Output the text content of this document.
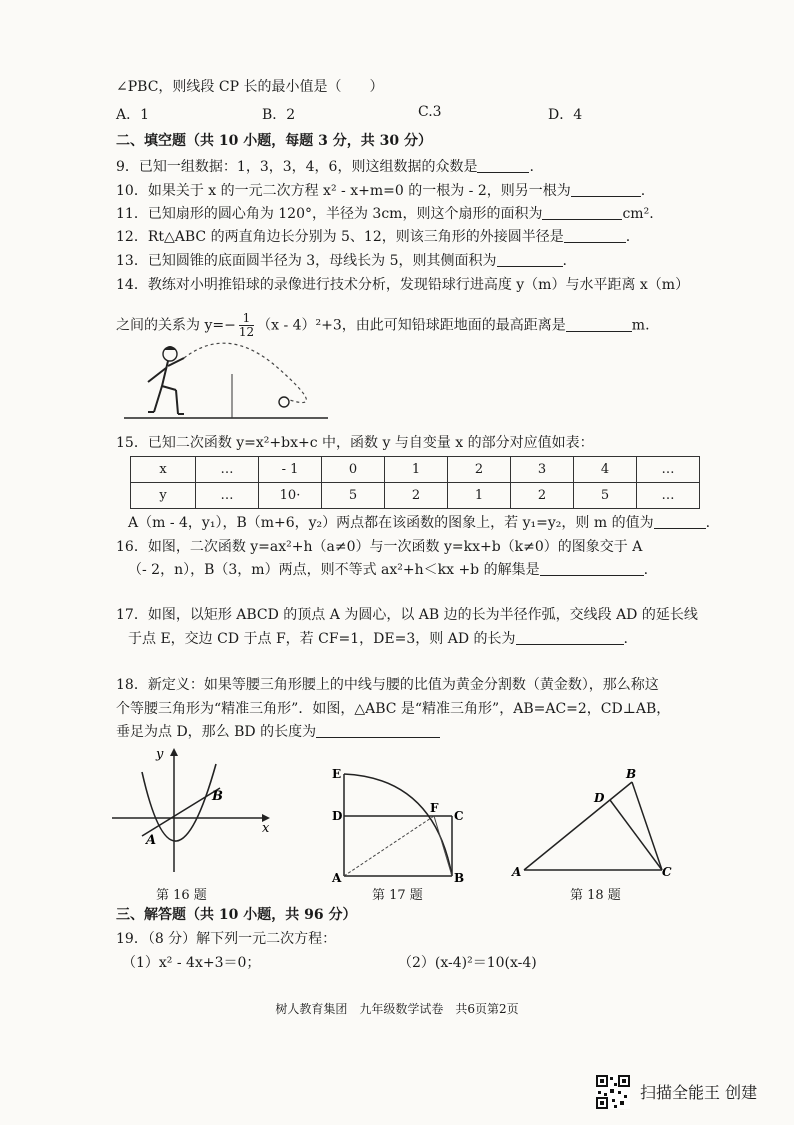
∠PBC，则线段 CP 长的最小值是（　　）
A．1	B．2	C.3	D．4
二、填空题（共 10 小题，每题 3 分，共 30 分）
9．已知一组数据：1，3，3，4，6，则这组数据的众数是	.
10．如果关于 x 的一元二次方程 x² - x+m=0 的一根为 - 2，则另一根为	.
11．已知扇形的圆心角为 120°，半径为 3cm，则这个扇形的面积为	cm².
12．Rt△ABC 的两直角边长分别为 5、12，则该三角形的外接圆半径是	.
13．已知圆锥的底面圆半径为 3，母线长为 5，则其侧面积为	.
14．教练对小明推铅球的录像进行技术分析，发现铅球行进高度 y（m）与水平距离 x（m）
之间的关系为 $y=- \frac{1}{12} (x - 4)^2+3$，由此可知铅球距地面的最高距离是	m.
15．已知二次函数 y=x²+bx+c 中，函数 y 与自变量 x 的部分对应值如表：
x	…	- 1	0	1	2	3	4	…
y	…	10·	5	2	1	2	5	…
A（m - 4，y₁），B（m+6，y₂）两点都在该函数的图象上，若 y₁=y₂，则 m 的值为	.
16．如图，二次函数 y=ax²+h（a≠0）与一次函数 y=kx+b（k≠0）的图象交于 A
（- 2，n），B（3，m）两点，则不等式 ax²+h＜kx +b 的解集是	.
17．如图，以矩形 ABCD 的顶点 A 为圆心，以 AB 边的长为半径作弧，交线段 AD 的延长线
于点 E，交边 CD 于点 F，若 CF=1，DE=3，则 AD 的长为	.
18．新定义：如果等腰三角形腰上的中线与腰的比值为黄金分割数（黄金数），那么称这
个等腰三角形为“精准三角形”．如图，△ABC 是“精准三角形”，AB=AC=2，CD⊥AB，
垂足为点 D，那么 BD 的长度为
y
x
A
B
第 16 题
E
D
F
C
A	B
第 17 题
B
D
A	C
第 18 题
三、解答题（共 10 小题，共 96 分）
19．（8 分）解下列一元二次方程：
（1）x² - 4x+3＝0；	（2）(x-4)²＝10(x-4)
树人教育集团　九年级数学试卷　共6页第2页
扫描全能王 创建
